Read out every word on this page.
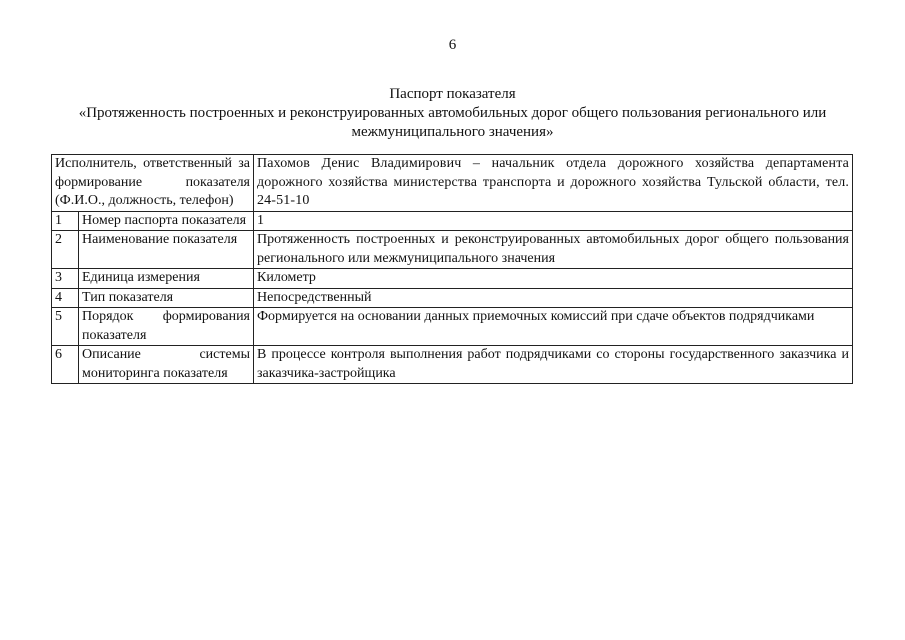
6
Паспорт показателя
«Протяженность построенных и реконструированных автомобильных дорог общего пользования регионального или межмуниципального значения»
Исполнитель, ответственный за формирование показателя (Ф.И.О., должность, телефон)		Пахомов Денис Владимирович – начальник отдела дорожного хозяйства департамента дорожного хозяйства министерства транспорта и дорожного хозяйства Тульской области, тел. 24-51-10
1	Номер паспорта показателя	1
2	Наименование показателя	Протяженность построенных и реконструированных автомобильных дорог общего пользования регионального или межмуниципального значения
3	Единица измерения	Километр
4	Тип показателя	Непосредственный
5	Порядок формирования показателя	Формируется на основании данных приемочных комиссий при сдаче объектов подрядчиками
6	Описание системы мониторинга показателя	В процессе контроля выполнения работ подрядчиками со стороны государственного заказчика и заказчика-застройщика
